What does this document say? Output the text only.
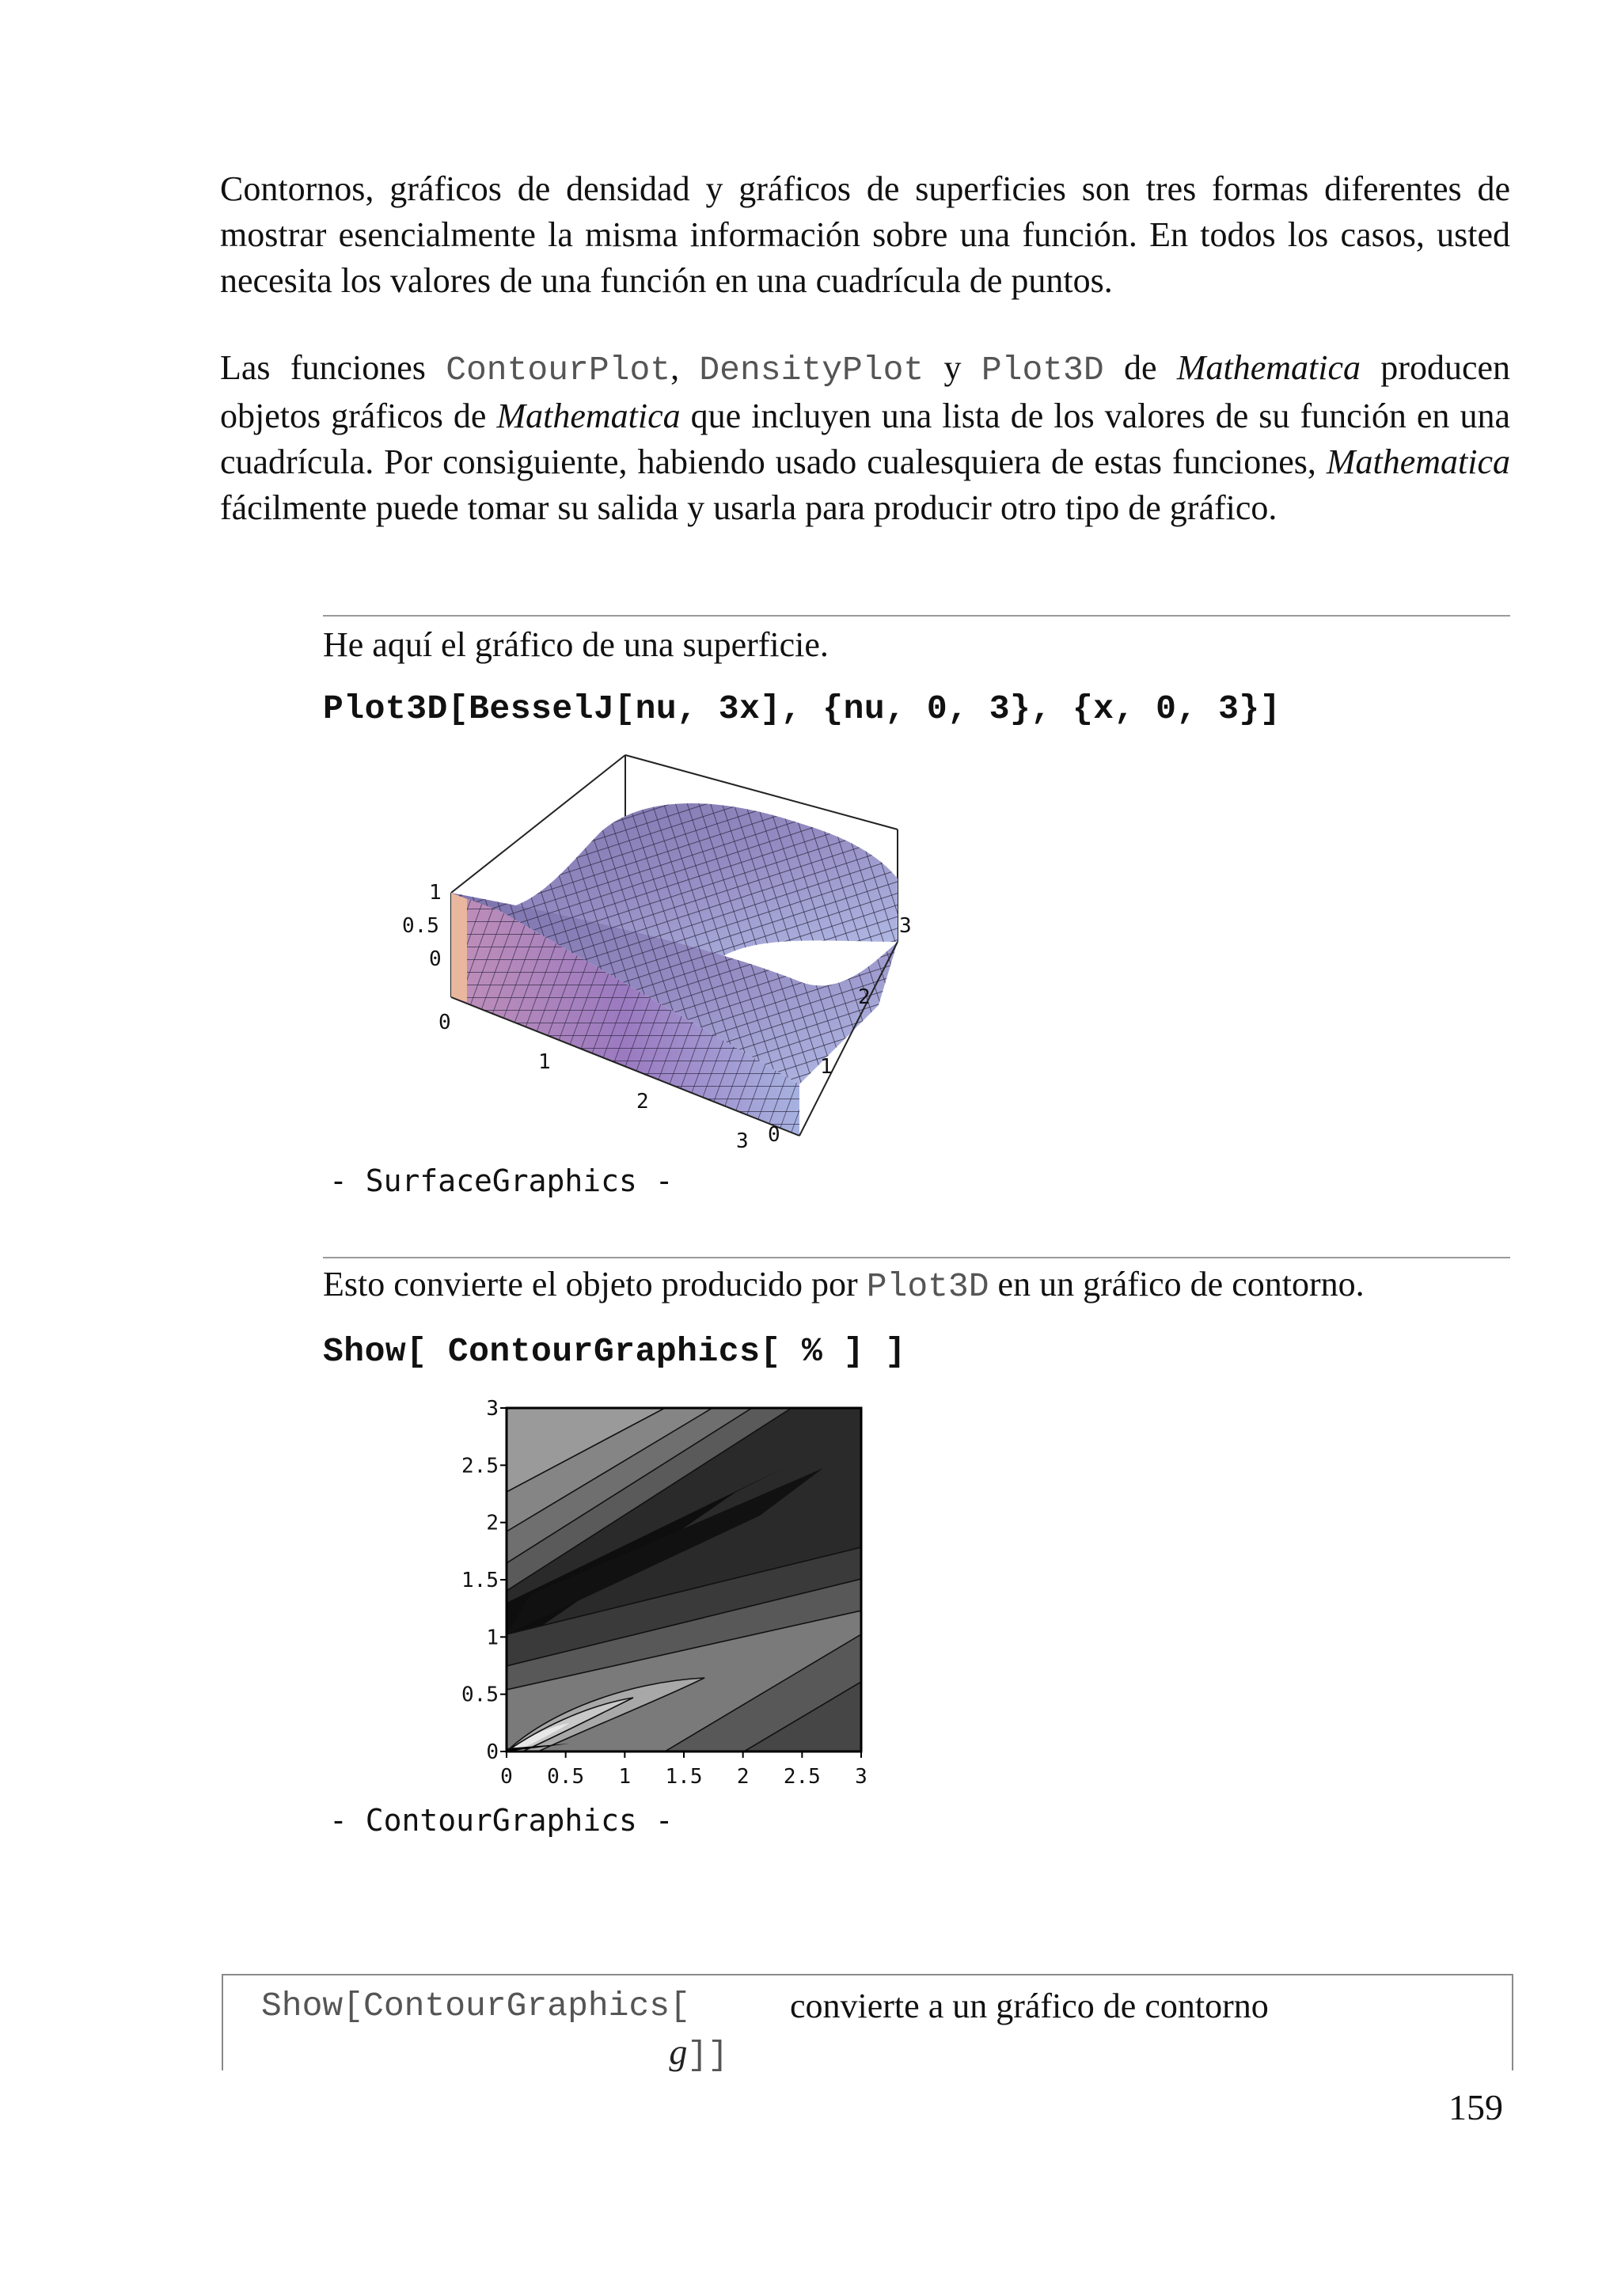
Contornos, gráficos de densidad y gráficos de superficies son tres formas diferentes de mostrar esencialmente la misma información sobre una función. En todos los casos, usted necesita los valores de una función en una cuadrícula de puntos.
Las funciones ContourPlot, DensityPlot y Plot3D de Mathematica producen objetos gráficos de Mathematica que incluyen una lista de los valores de su función en una cuadrícula. Por consiguiente, habiendo usado cualesquiera de estas funciones, Mathematica fácilmente puede tomar su salida y usarla para producir otro tipo de gráfico.
He aquí el gráfico de una superficie.
Plot3D[BesselJ[nu, 3x], {nu, 0, 3}, {x, 0, 3}]
1
0.5
0
0
1
2
3 0
1
2
3
- SurfaceGraphics -
Esto convierte el objeto producido por Plot3D en un gráfico de contorno.
Show[ ContourGraphics[ % ] ]
0 0.5 1 1.5 2 2.5 3
0
0.5
1
1.5
2
2.5
3
- ContourGraphics -
Show[ContourGraphics[
g]]
convierte a un gráfico de contorno
159
